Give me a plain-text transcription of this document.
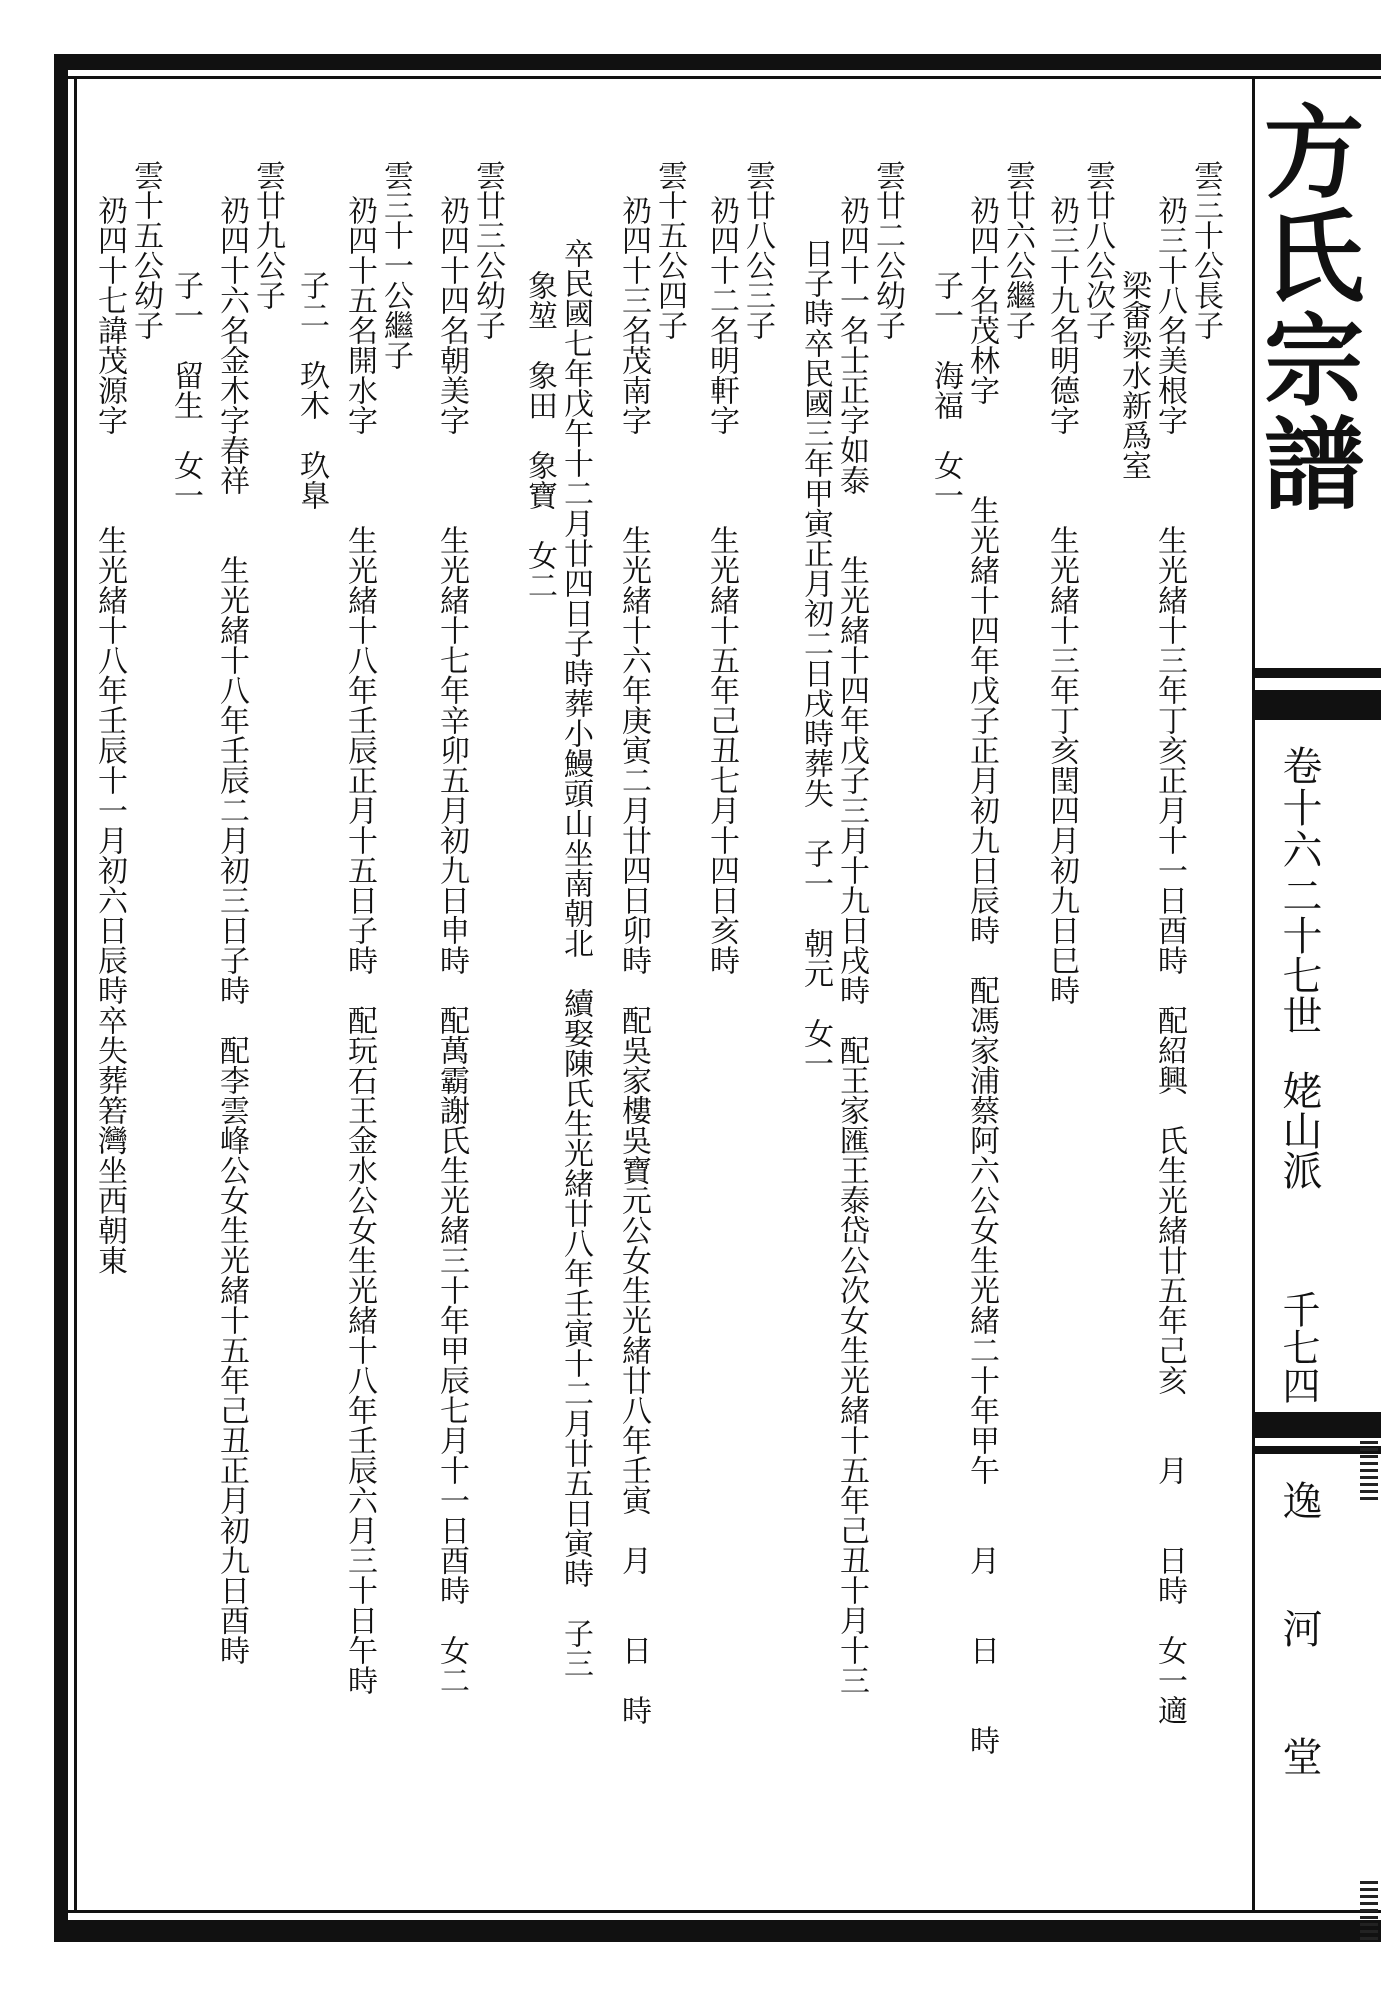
方氏宗譜
卷十六
二十七世
姥山派
千七四
逸河堂
雲三十公長子
礽三十八名美根字　　　生光緒十三年丁亥正月十一日酉時　配紹興　氏生光緒廿五年己亥　　月　　日時　女一適
梁畬梁水新爲室
雲廿八公次子
礽三十九名明德字　　　生光緒十三年丁亥閏四月初九日巳時
雲廿六公繼子
礽四十名茂林字　　　生光緒十四年戊子正月初九日辰時　配馮家浦蔡阿六公女生光緒二十年甲午　　月　　日　　時
子一　海福　女一
雲廿二公幼子
礽四十一名士正字如泰　　生光緒十四年戊子三月十九日戌時　配王家匯王泰岱公次女生光緒十五年己丑十月十三
日子時卒民國三年甲寅正月初二日戌時葬失　子一　朝元　女一
雲廿八公三子
礽四十二名明軒字　　　生光緒十五年己丑七月十四日亥時
雲十五公四子
礽四十三名茂南字　　　生光緒十六年庚寅二月廿四日卯時　配吳家樓吳寶元公女生光緒廿八年壬寅　月　　日　時
卒民國七年戊午十二月廿四日子時葬小鰻頭山坐南朝北　續娶陳氏生光緒廿八年壬寅十二月廿五日寅時　子三
象堃　象田　象寶　女二
雲廿三公幼子
礽四十四名朝美字　　　生光緒十七年辛卯五月初九日申時　配萬霸謝氏生光緒三十年甲辰七月十一日酉時　女二
雲三十一公繼子
礽四十五名開水字　　　生光緒十八年壬辰正月十五日子時　配玩石王金水公女生光緒十八年壬辰六月三十日午時
子二　玖木　玖臯
雲廿九公子
礽四十六名金木字春祥　　生光緒十八年壬辰二月初三日子時　配李雲峰公女生光緒十五年己丑正月初九日酉時
子一　留生　女一
雲十五公幼子
礽四十七諱茂源字　　　生光緒十八年壬辰十一月初六日辰時卒失葬箬灣坐西朝東
